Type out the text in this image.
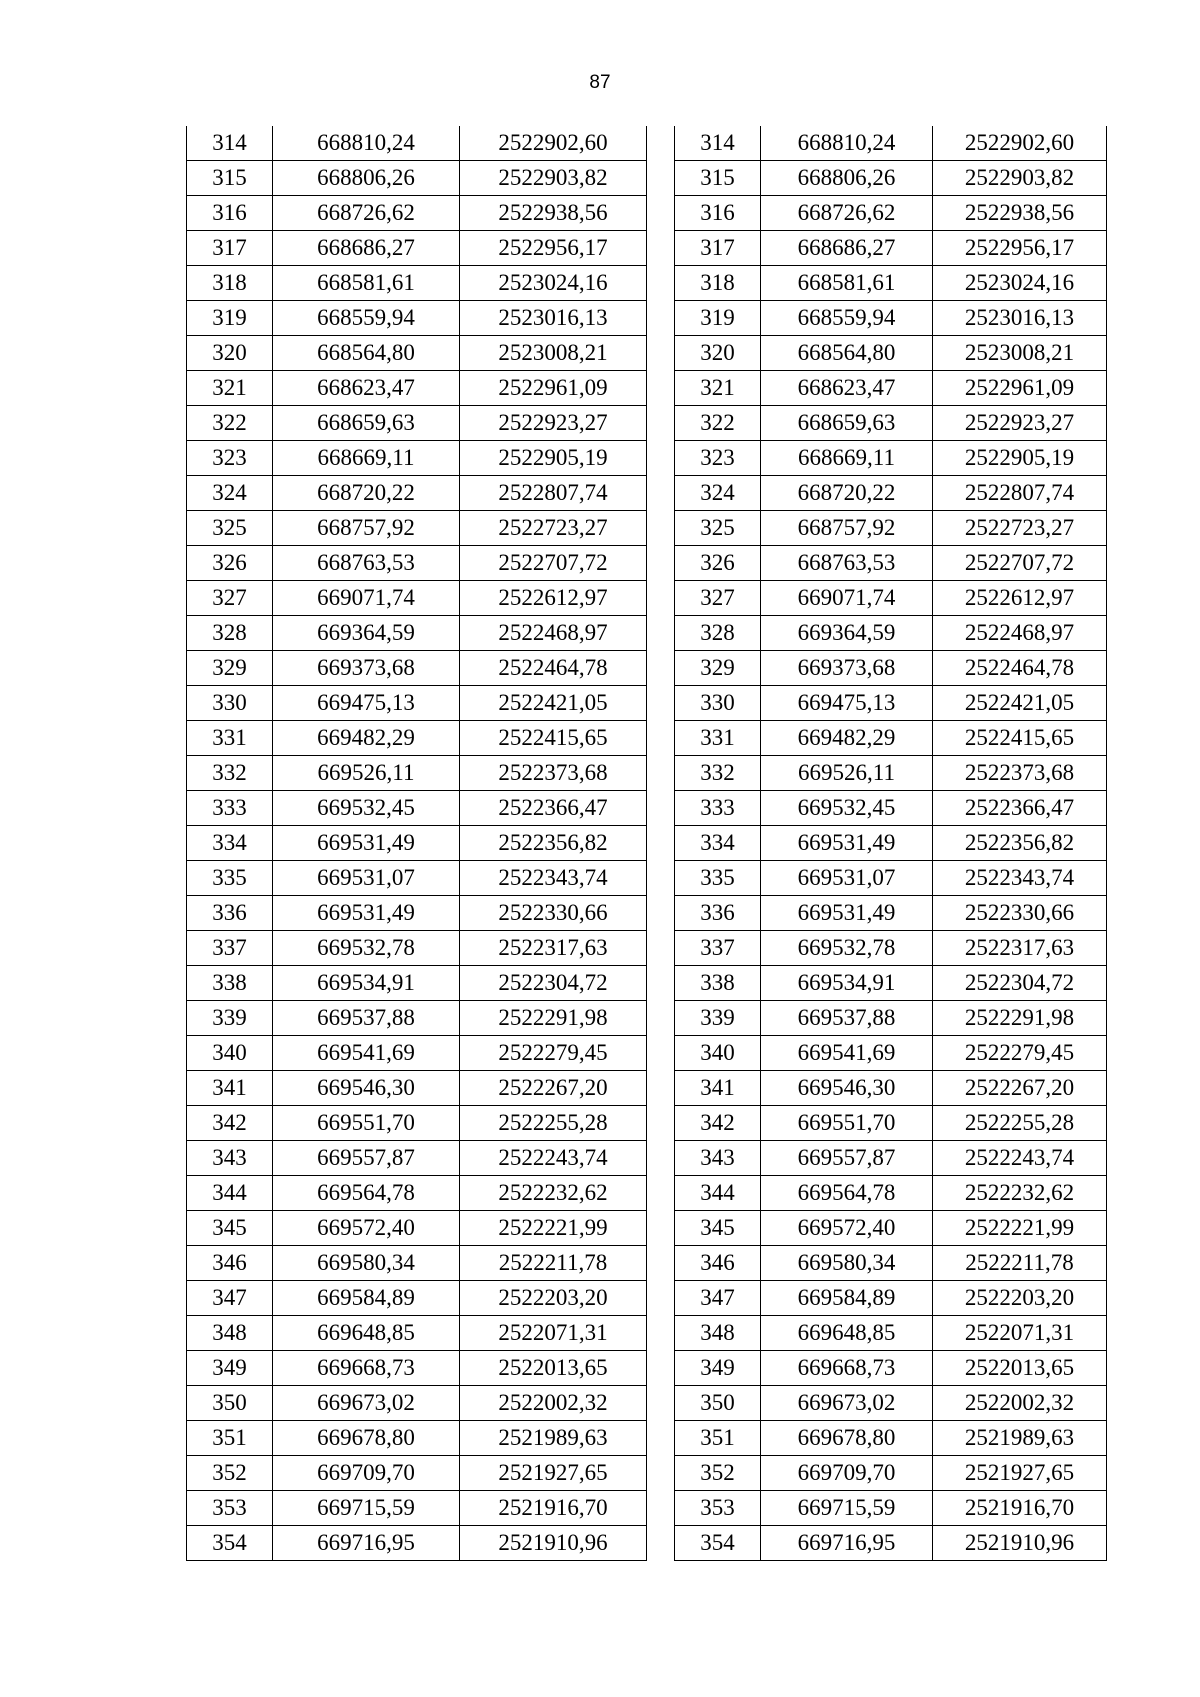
87
314	668810,24	2522902,60
315	668806,26	2522903,82
316	668726,62	2522938,56
317	668686,27	2522956,17
318	668581,61	2523024,16
319	668559,94	2523016,13
320	668564,80	2523008,21
321	668623,47	2522961,09
322	668659,63	2522923,27
323	668669,11	2522905,19
324	668720,22	2522807,74
325	668757,92	2522723,27
326	668763,53	2522707,72
327	669071,74	2522612,97
328	669364,59	2522468,97
329	669373,68	2522464,78
330	669475,13	2522421,05
331	669482,29	2522415,65
332	669526,11	2522373,68
333	669532,45	2522366,47
334	669531,49	2522356,82
335	669531,07	2522343,74
336	669531,49	2522330,66
337	669532,78	2522317,63
338	669534,91	2522304,72
339	669537,88	2522291,98
340	669541,69	2522279,45
341	669546,30	2522267,20
342	669551,70	2522255,28
343	669557,87	2522243,74
344	669564,78	2522232,62
345	669572,40	2522221,99
346	669580,34	2522211,78
347	669584,89	2522203,20
348	669648,85	2522071,31
349	669668,73	2522013,65
350	669673,02	2522002,32
351	669678,80	2521989,63
352	669709,70	2521927,65
353	669715,59	2521916,70
354	669716,95	2521910,96
314	668810,24	2522902,60
315	668806,26	2522903,82
316	668726,62	2522938,56
317	668686,27	2522956,17
318	668581,61	2523024,16
319	668559,94	2523016,13
320	668564,80	2523008,21
321	668623,47	2522961,09
322	668659,63	2522923,27
323	668669,11	2522905,19
324	668720,22	2522807,74
325	668757,92	2522723,27
326	668763,53	2522707,72
327	669071,74	2522612,97
328	669364,59	2522468,97
329	669373,68	2522464,78
330	669475,13	2522421,05
331	669482,29	2522415,65
332	669526,11	2522373,68
333	669532,45	2522366,47
334	669531,49	2522356,82
335	669531,07	2522343,74
336	669531,49	2522330,66
337	669532,78	2522317,63
338	669534,91	2522304,72
339	669537,88	2522291,98
340	669541,69	2522279,45
341	669546,30	2522267,20
342	669551,70	2522255,28
343	669557,87	2522243,74
344	669564,78	2522232,62
345	669572,40	2522221,99
346	669580,34	2522211,78
347	669584,89	2522203,20
348	669648,85	2522071,31
349	669668,73	2522013,65
350	669673,02	2522002,32
351	669678,80	2521989,63
352	669709,70	2521927,65
353	669715,59	2521916,70
354	669716,95	2521910,96
